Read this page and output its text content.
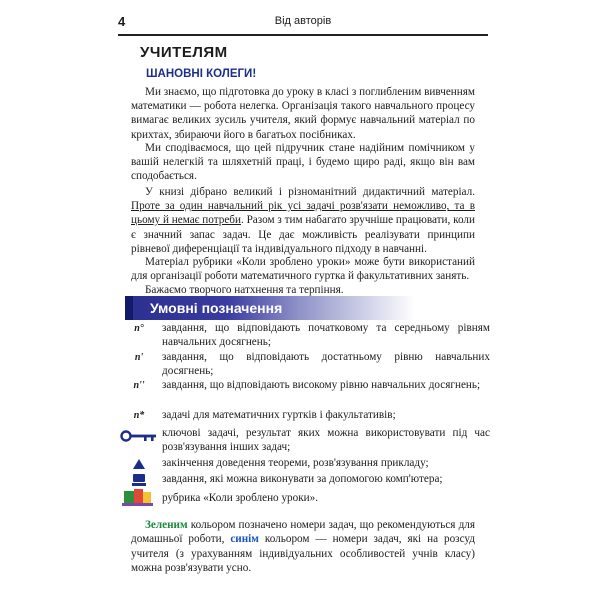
4	Від авторів
УЧИТЕЛЯМ
ШАНОВНІ КОЛЕГИ!

Ми знаємо, що підготовка до уроку в класі з поглибленим вивченням математики — робота нелегка. Організація такого навчального процесу вимагає великих зусиль учителя, який формує навчальний матеріал по крихтах, збираючи його в багатьох посібниках.

Ми сподіваємося, що цей підручник стане надійним помічником у вашій нелегкій та шляхетній праці, і будемо щиро раді, якщо він вам сподобається.

У книзі дібрано великий і різноманітний дидактичний матеріал. Проте за один навчальний рік усі задачі розв'язати неможливо, та в цьому й немає потреби. Разом з тим набагато зручніше працювати, коли є значний запас задач. Це дає можливість реалізувати принципи рівневої диференціації та індивідуального підходу в навчанні.

Матеріал рубрики «Коли зроблено уроки» може бути використаний для організації роботи математичного гуртка й факультативних занять.

Бажаємо творчого натхнення та терпіння.

Умовні позначення
n°	завдання, що відповідають початковому та середньому рівням навчальних досягнень;

n'	завдання, що відповідають достатньому рівню навчальних досягнень;

n''	завдання, що відповідають високому рівню навчальних досягнень;

n*	задачі для математичних гуртків і факультативів;

ключові задачі, результат яких можна використовувати під час розв'язування інших задач;

закінчення доведення теореми, розв'язування прикладу;

завдання, які можна виконувати за допомогою комп'ютера;

рубрика «Коли зроблено уроки».

Зеленим кольором позначено номери задач, що рекомендуються для домашньої роботи, синім кольором — номери задач, які на розсуд учителя (з урахуванням індивідуальних особливостей учнів класу) можна розв'язувати усно.
